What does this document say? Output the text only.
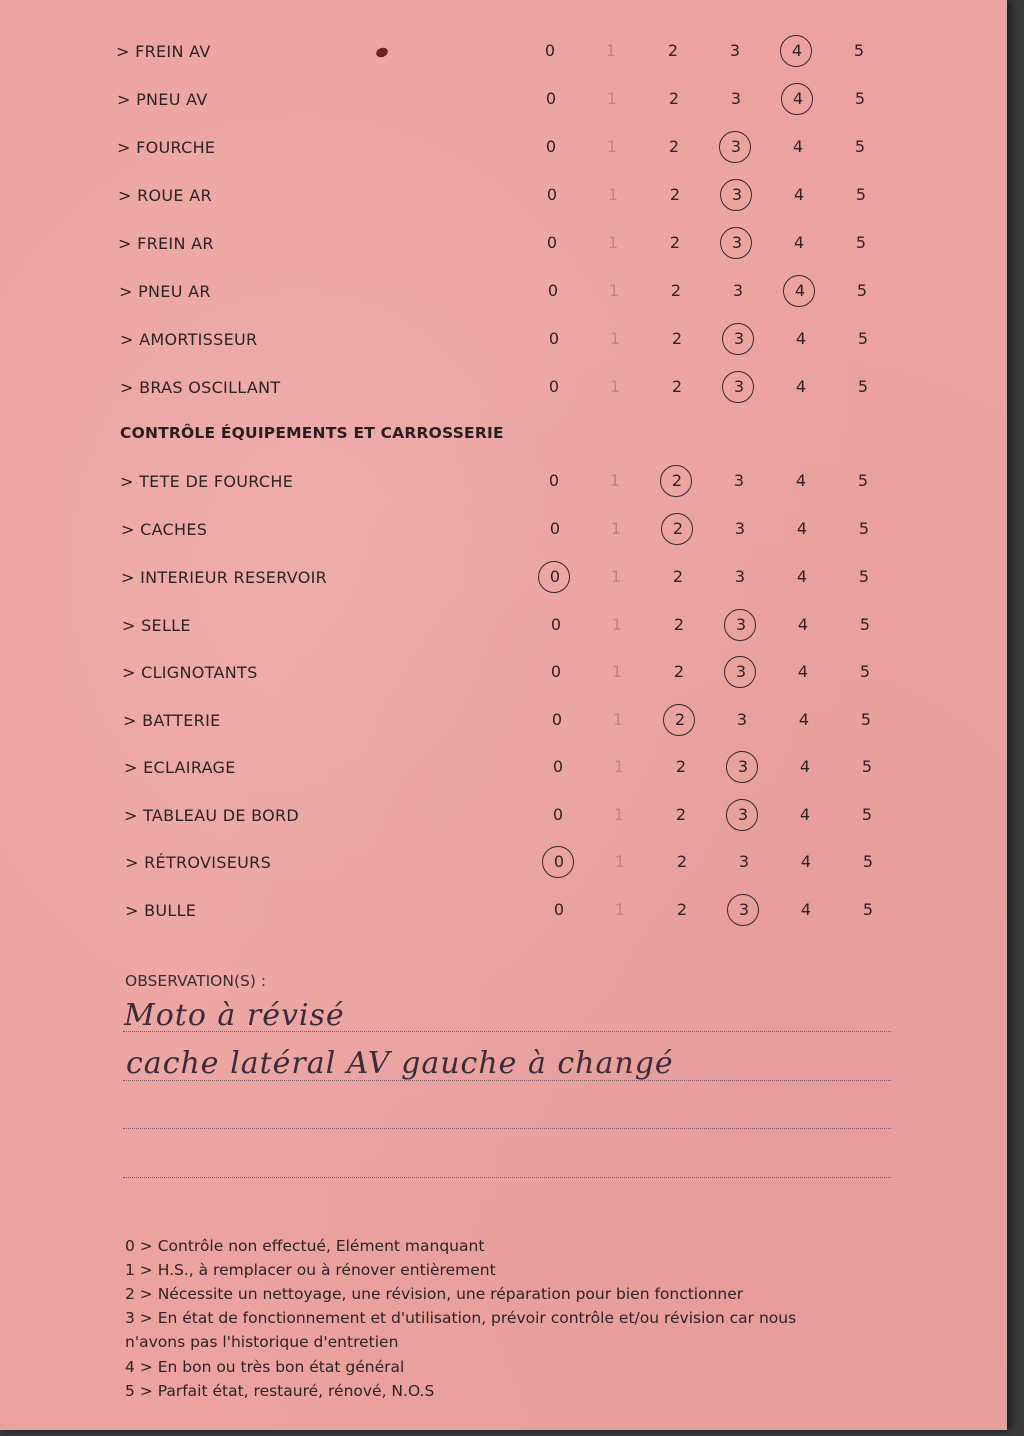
> FREIN AV	0	1	2	3	4	5
> PNEU AV	0	1	2	3	4	5
> FOURCHE	0	1	2	3	4	5
> ROUE AR	0	1	2	3	4	5
> FREIN AR	0	1	2	3	4	5
> PNEU AR	0	1	2	3	4	5
> AMORTISSEUR	0	1	2	3	4	5
> BRAS OSCILLANT	0	1	2	3	4	5
CONTRÔLE ÉQUIPEMENTS ET CARROSSERIE
> TETE DE FOURCHE	0	1	2	3	4	5
> CACHES	0	1	2	3	4	5
> INTERIEUR RESERVOIR	0	1	2	3	4	5
> SELLE	0	1	2	3	4	5
> CLIGNOTANTS	0	1	2	3	4	5
> BATTERIE	0	1	2	3	4	5
> ECLAIRAGE	0	1	2	3	4	5
> TABLEAU DE BORD	0	1	2	3	4	5
> RÉTROVISEURS	0	1	2	3	4	5
> BULLE	0	1	2	3	4	5
OBSERVATION(S) :
Moto à révisé
cache latéral AV gauche à changé
0 > Contrôle non effectué, Elément manquant
1 > H.S., à remplacer ou à rénover entièrement
2 > Nécessite un nettoyage, une révision, une réparation pour bien fonctionner
3 > En état de fonctionnement et d'utilisation, prévoir contrôle et/ou révision car nous
n'avons pas l'historique d'entretien
4 > En bon ou très bon état général
5 > Parfait état, restauré, rénové, N.O.S
